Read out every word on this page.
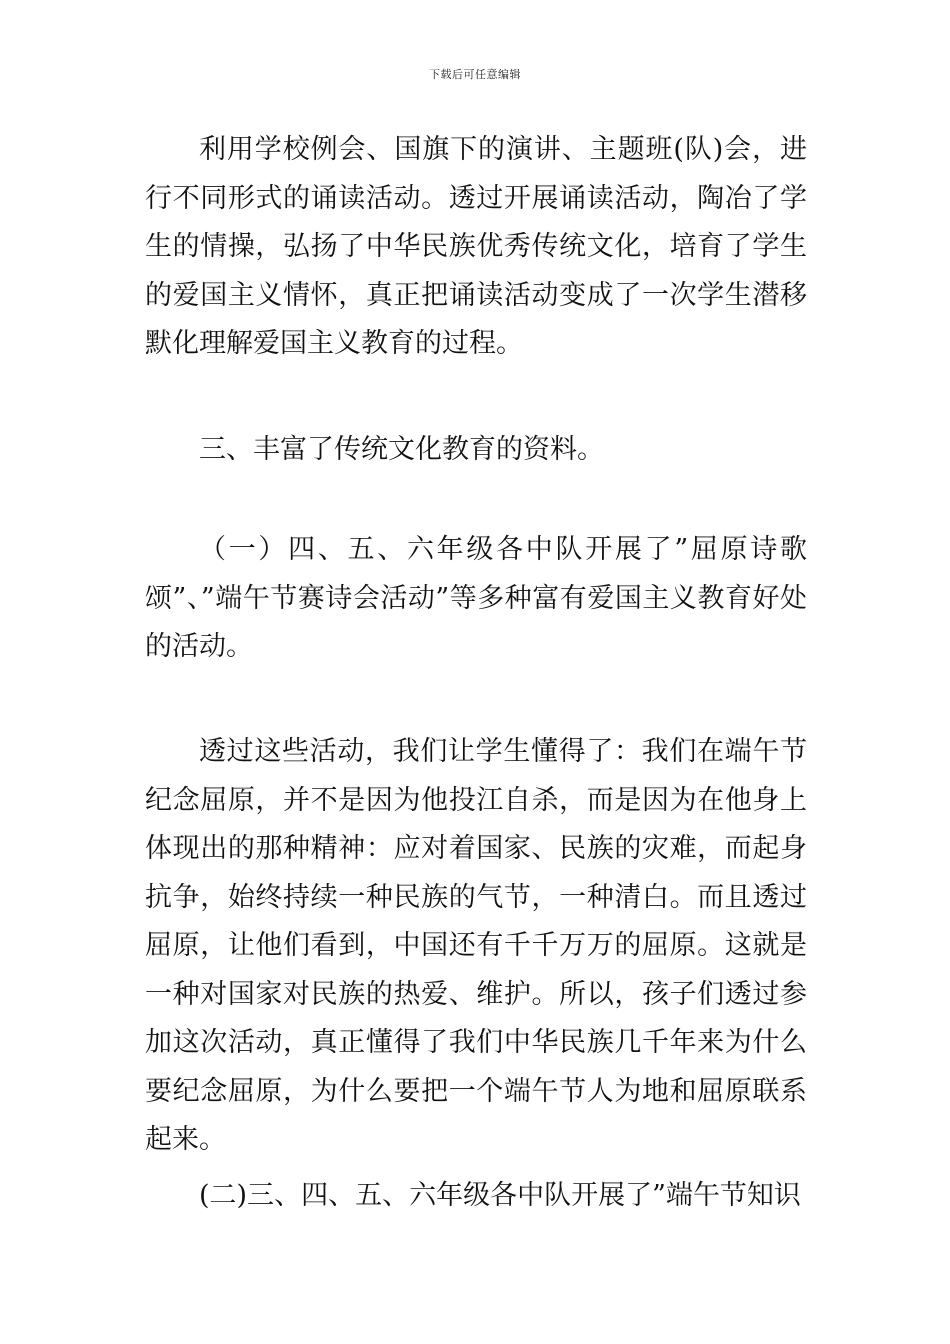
下载后可任意编辑

利用学校例会、国旗下的演讲、主题班(队)会，进行不同形式的诵读活动。透过开展诵读活动，陶冶了学生的情操，弘扬了中华民族优秀传统文化，培育了学生的爱国主义情怀，真正把诵读活动变成了一次学生潜移默化理解爱国主义教育的过程。

三、丰富了传统文化教育的资料。

（一）四、五、六年级各中队开展了”屈原诗歌颂”、”端午节赛诗会活动”等多种富有爱国主义教育好处的活动。

透过这些活动，我们让学生懂得了：我们在端午节纪念屈原，并不是因为他投江自杀，而是因为在他身上体现出的那种精神：应对着国家、民族的灾难，而起身抗争，始终持续一种民族的气节，一种清白。而且透过屈原，让他们看到，中国还有千千万万的屈原。这就是一种对国家对民族的热爱、维护。所以，孩子们透过参加这次活动，真正懂得了我们中华民族几千年来为什么要纪念屈原，为什么要把一个端午节人为地和屈原联系起来。

(二)三、四、五、六年级各中队开展了”端午节知识
